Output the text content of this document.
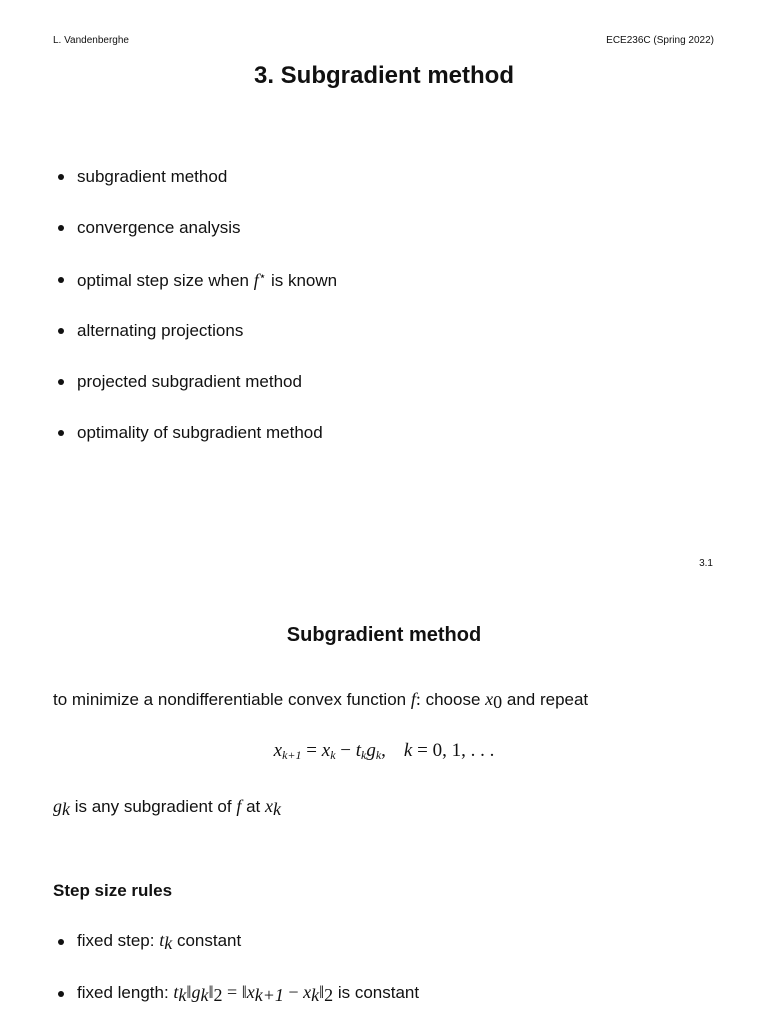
L. Vandenberghe	ECE236C (Spring 2022)
3. Subgradient method
subgradient method
convergence analysis
optimal step size when f⋆ is known
alternating projections
projected subgradient method
optimality of subgradient method
3.1
Subgradient method
to minimize a nondifferentiable convex function f: choose $x_0$ and repeat
$x_{k+1} = x_k - t_kg_k$, k = 0, 1, . . .
$g_k$ is any subgradient of f at $x_k$
Step size rules
fixed step: $t_k$ constant
fixed length: $t_k‖g_k‖_2$ = $‖x_{k+1}$ − $x_k‖_2$ is constant
